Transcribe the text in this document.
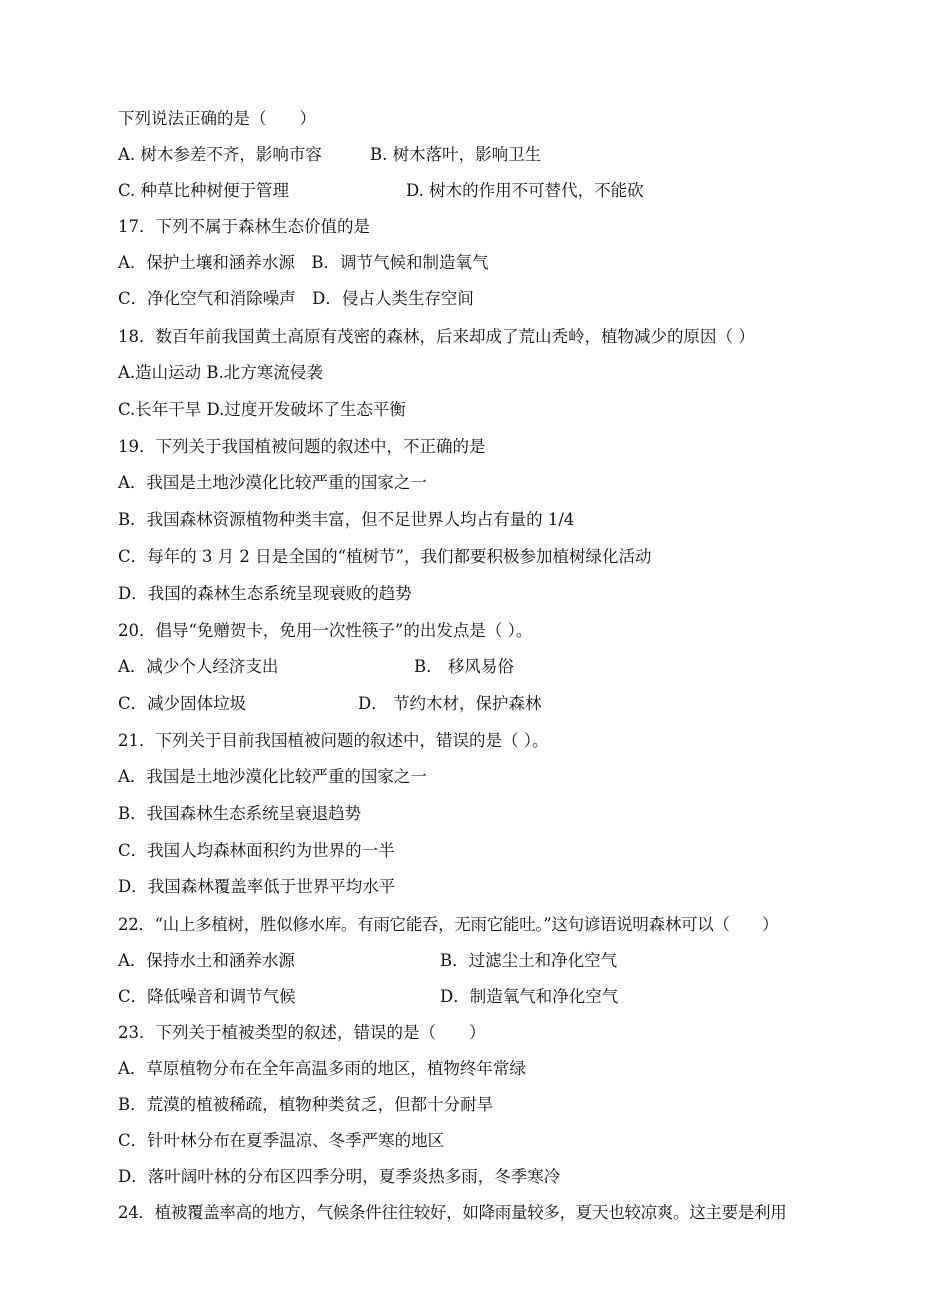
下列说法正确的是（　　）
A. 树木参差不齐，影响市容	B. 树木落叶，影响卫生
C. 种草比种树便于管理	D. 树木的作用不可替代，不能砍
17．下列不属于森林生态价值的是
A．保护土壤和涵养水源　B．调节气候和制造氧气
C．净化空气和消除噪声　D．侵占人类生存空间
18．数百年前我国黄土高原有茂密的森林，后来却成了荒山秃岭，植物减少的原因（ ）
A.造山运动 B.北方寒流侵袭
C.长年干旱 D.过度开发破坏了生态平衡
19．下列关于我国植被问题的叙述中，不正确的是
A．我国是土地沙漠化比较严重的国家之一
B．我国森林资源植物种类丰富，但不足世界人均占有量的 1/4
C．每年的 3 月 2 日是全国的“植树节”，我们都要积极参加植树绿化活动
D．我国的森林生态系统呈现衰败的趋势
20．倡导“免赠贺卡，免用一次性筷子”的出发点是（ ）。
A．减少个人经济支出	B． 移风易俗
C．减少固体垃圾	D． 节约木材，保护森林
21．下列关于目前我国植被问题的叙述中，错误的是（ ）。
A．我国是土地沙漠化比较严重的国家之一
B．我国森林生态系统呈衰退趋势
C．我国人均森林面积约为世界的一半
D．我国森林覆盖率低于世界平均水平
22．“山上多植树，胜似修水库。有雨它能吞，无雨它能吐。”这句谚语说明森林可以（　　）
A．保持水土和涵养水源	B．过滤尘土和净化空气
C．降低噪音和调节气候	D．制造氧气和净化空气
23．下列关于植被类型的叙述，错误的是（　　）
A．草原植物分布在全年高温多雨的地区，植物终年常绿
B．荒漠的植被稀疏，植物种类贫乏，但都十分耐旱
C．针叶林分布在夏季温凉、冬季严寒的地区
D．落叶阔叶林的分布区四季分明，夏季炎热多雨，冬季寒冷
24．植被覆盖率高的地方，气候条件往往较好，如降雨量较多，夏天也较凉爽。这主要是利用
